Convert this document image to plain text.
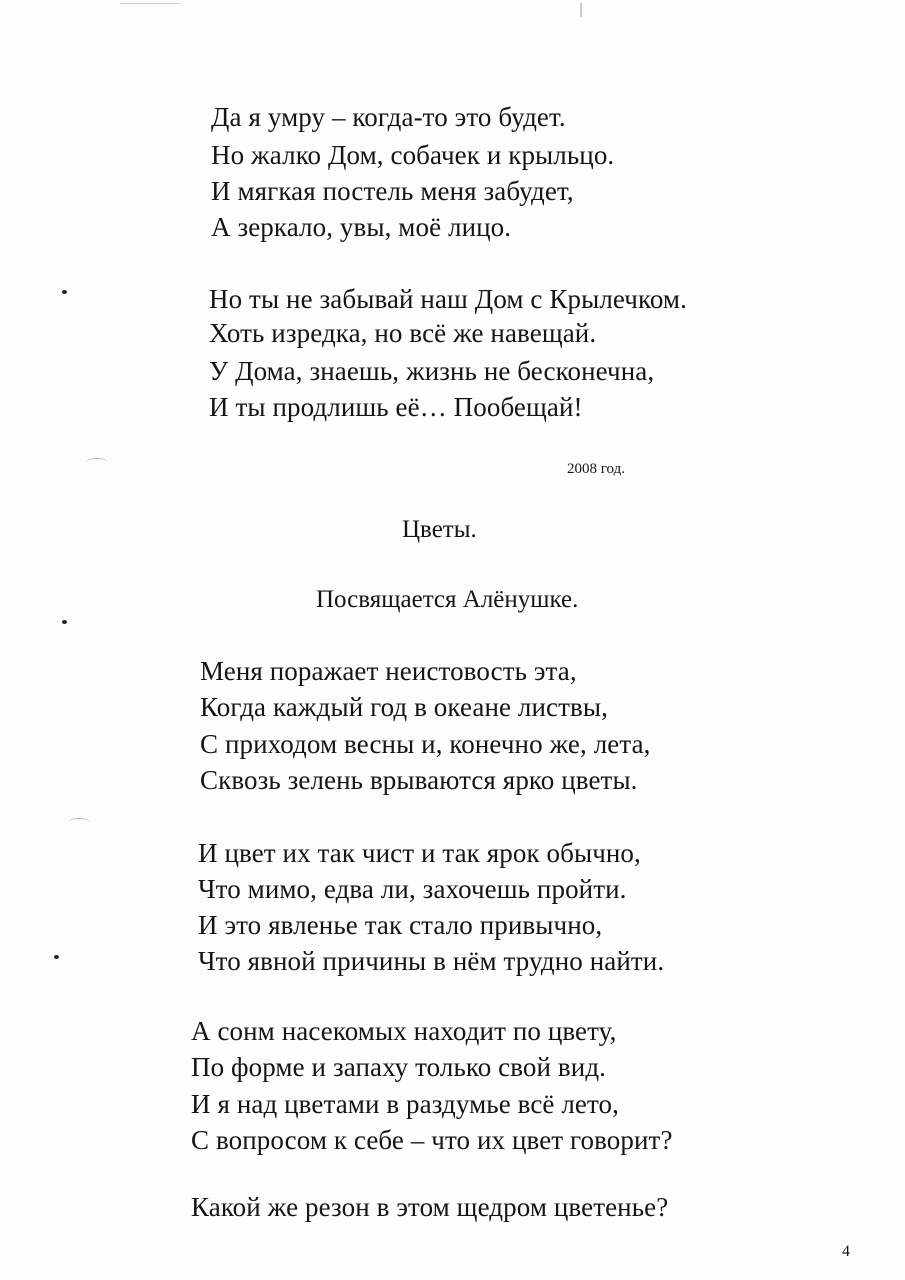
Да я умру – когда-то это будет.
Но жалко Дом, собачек и крыльцо.
И мягкая постель меня забудет,
А зеркало, увы, моё лицо.
Но ты не забывай наш Дом с Крылечком.
Хоть изредка, но всё же навещай.
У Дома, знаешь, жизнь не бесконечна,
И ты продлишь её… Пообещай!
2008 год.
Цветы.
Посвящается Алёнушке.
Меня поражает неистовость эта,
Когда каждый год в океане листвы,
С приходом весны и, конечно же, лета,
Сквозь зелень врываются ярко цветы.
И цвет их так чист и так ярок обычно,
Что мимо, едва ли, захочешь пройти.
И это явленье так стало привычно,
Что явной причины в нём трудно найти.
А сонм насекомых находит по цвету,
По форме и запаху только свой вид.
И я над цветами в раздумье всё лето,
С вопросом к себе – что их цвет говорит?
Какой же резон в этом щедром цветенье?
4
